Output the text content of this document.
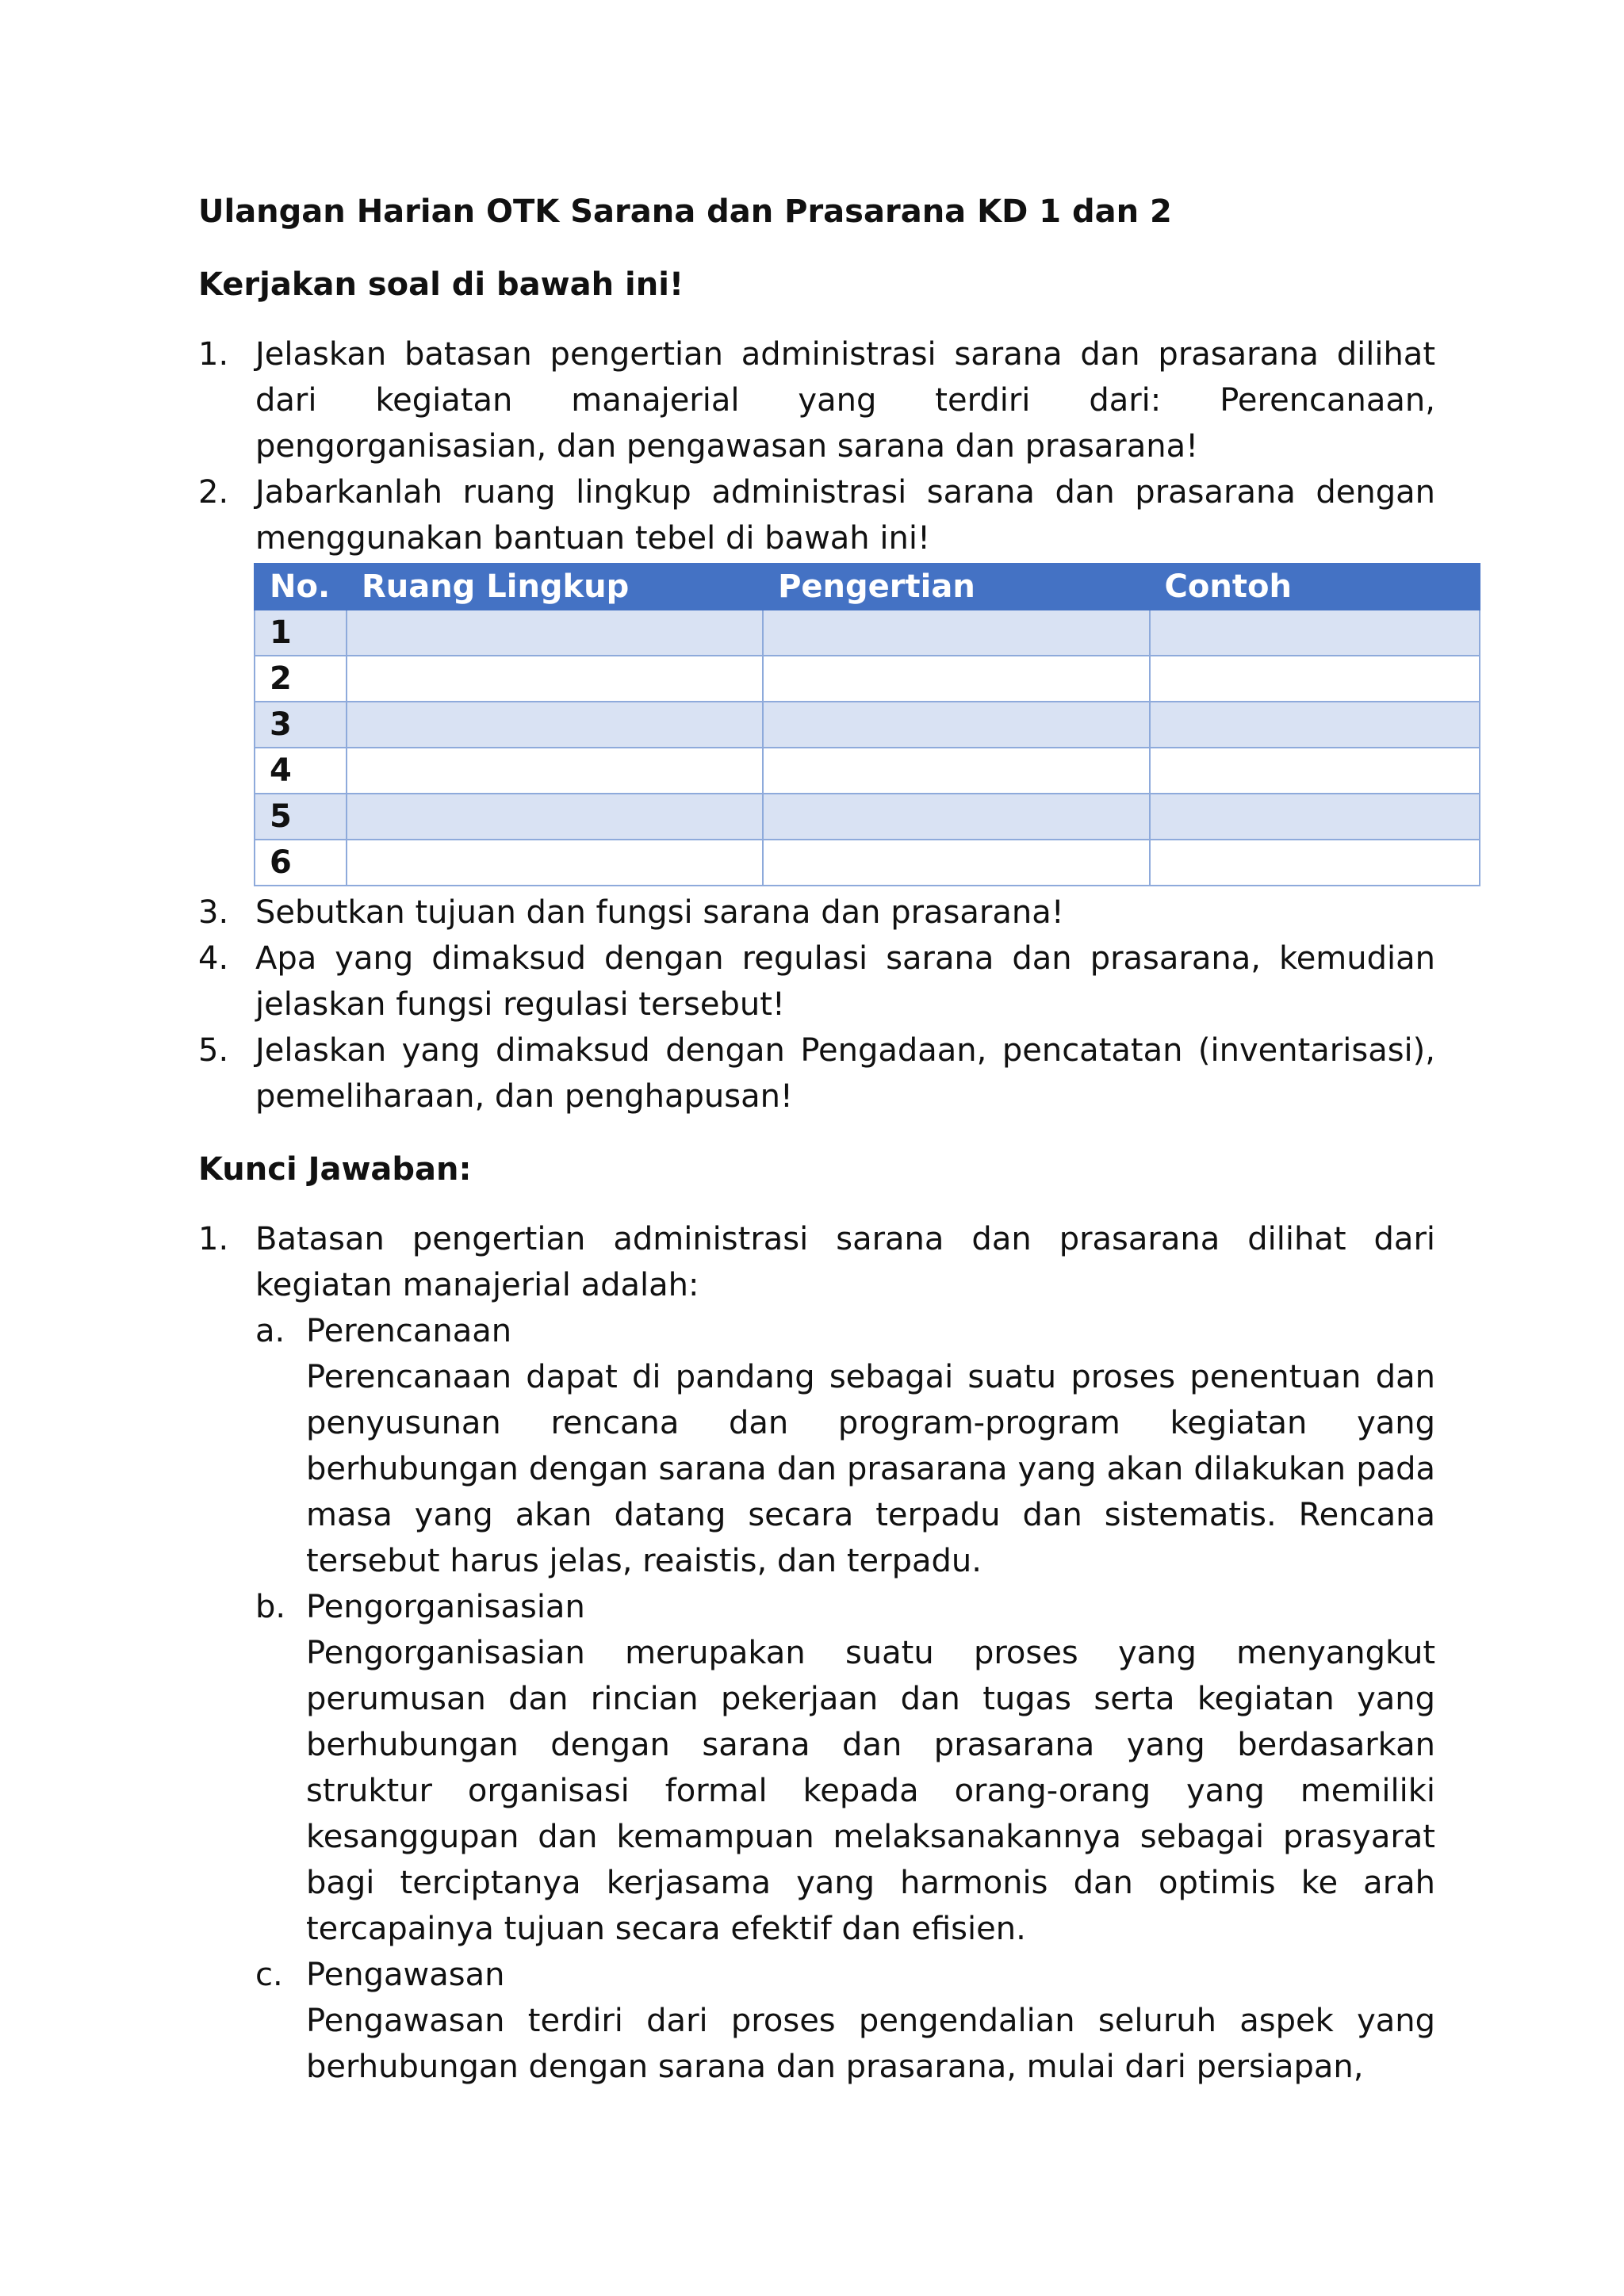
Ulangan Harian OTK Sarana dan Prasarana KD 1 dan 2

Kerjakan soal di bawah ini!

1. Jelaskan batasan pengertian administrasi sarana dan prasarana dilihat dari kegiatan manajerial yang terdiri dari: Perencanaan, pengorganisasian, dan pengawasan sarana dan prasarana!
2. Jabarkanlah ruang lingkup administrasi sarana dan prasarana dengan menggunakan bantuan tebel di bawah ini!
No.	Ruang Lingkup	Pengertian	Contoh
1			
2			
3			
4			
5			
6			
3. Sebutkan tujuan dan fungsi sarana dan prasarana!
4. Apa yang dimaksud dengan regulasi sarana dan prasarana, kemudian jelaskan fungsi regulasi tersebut!
5. Jelaskan yang dimaksud dengan Pengadaan, pencatatan (inventarisasi), pemeliharaan, dan penghapusan!

Kunci Jawaban:

1. Batasan pengertian administrasi sarana dan prasarana dilihat dari kegiatan manajerial adalah:
a. Perencanaan
Perencanaan dapat di pandang sebagai suatu proses penentuan dan penyusunan rencana dan program-program kegiatan yang berhubungan dengan sarana dan prasarana yang akan dilakukan pada masa yang akan datang secara terpadu dan sistematis. Rencana tersebut harus jelas, reaistis, dan terpadu.
b. Pengorganisasian
Pengorganisasian merupakan suatu proses yang menyangkut perumusan dan rincian pekerjaan dan tugas serta kegiatan yang berhubungan dengan sarana dan prasarana yang berdasarkan struktur organisasi formal kepada orang-orang yang memiliki kesanggupan dan kemampuan melaksanakannya sebagai prasyarat bagi terciptanya kerjasama yang harmonis dan optimis ke arah tercapainya tujuan secara efektif dan efisien.
c. Pengawasan
Pengawasan terdiri dari proses pengendalian seluruh aspek yang berhubungan dengan sarana dan prasarana, mulai dari persiapan,
